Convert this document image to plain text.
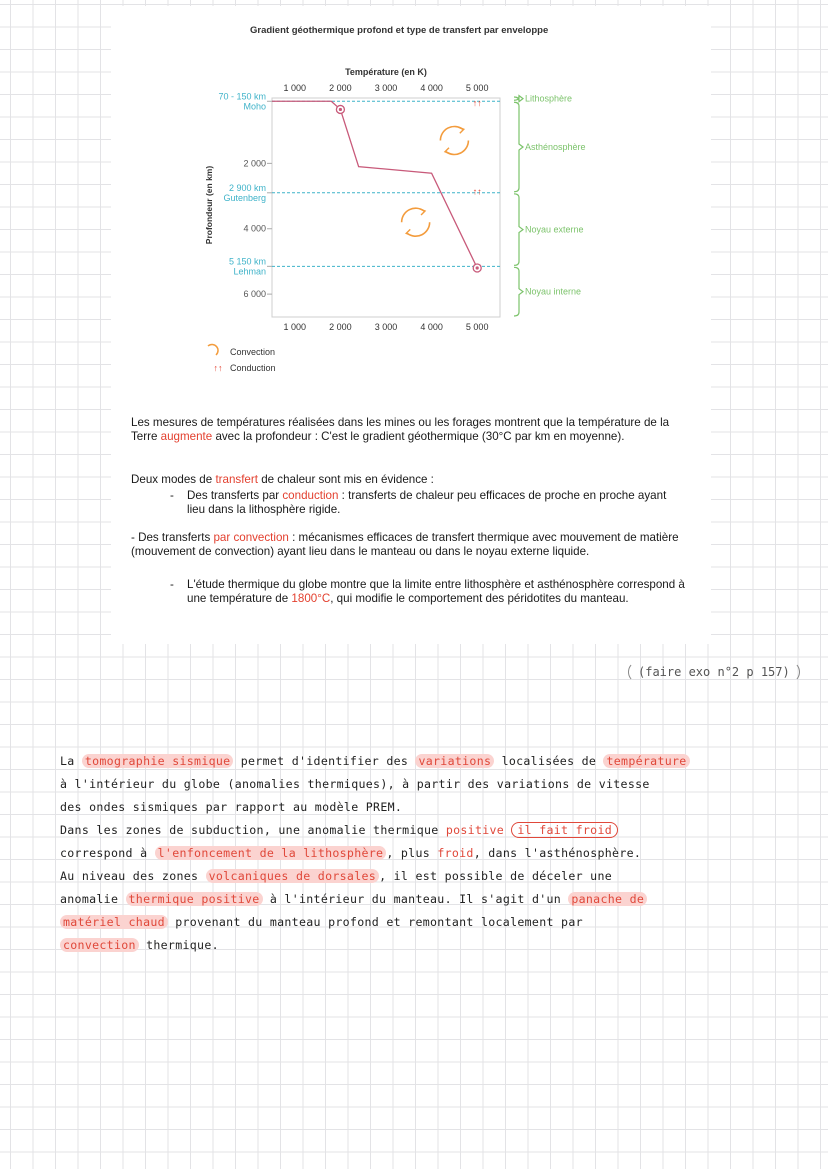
Gradient géothermique profond et type de transfert par enveloppe
Température (en K)
1 000
1 000
2 000
2 000
3 000
3 000
4 000
4 000
5 000
5 000
Profondeur (en km)
70 - 150 km
Moho
2 000
2 900 km
Gutenberg
4 000
5 150 km
Lehman
6 000
↑↑
↑↑
Lithosphère
Asthénosphère
Noyau externe
Noyau interne
Convection
↑↑ Conduction
Les mesures de températures réalisées dans les mines ou les forages montrent que la température de la Terre augmente avec la profondeur : C'est le gradient géothermique (30°C par km en moyenne).
Deux modes de transfert de chaleur sont mis en évidence :
-	Des transferts par conduction : transferts de chaleur peu efficaces de proche en proche ayant lieu dans la lithosphère rigide.
- Des transferts par convection : mécanismes efficaces de transfert thermique avec mouvement de matière (mouvement de convection) ayant lieu dans le manteau ou dans le noyau externe liquide.
-	L'étude thermique du globe montre que la limite entre lithosphère et asthénosphère correspond à une température de 1800°C, qui modifie le comportement des péridotites du manteau.
(faire exo n°2 p 157)
La tomographie sismique permet d'identifier des variations localisées de température
à l'intérieur du globe (anomalies thermiques), à partir des variations de vitesse
des ondes sismiques par rapport au modèle PREM.
Dans les zones de subduction, une anomalie thermique positive il fait froid
correspond à l'enfoncement de la lithosphère , plus froid, dans l'asthénosphère.
Au niveau des zones volcaniques de dorsales , il est possible de déceler une
anomalie thermique positive à l'intérieur du manteau. Il s'agit d'un panache de
matériel chaud provenant du manteau profond et remontant localement par
convection thermique.
